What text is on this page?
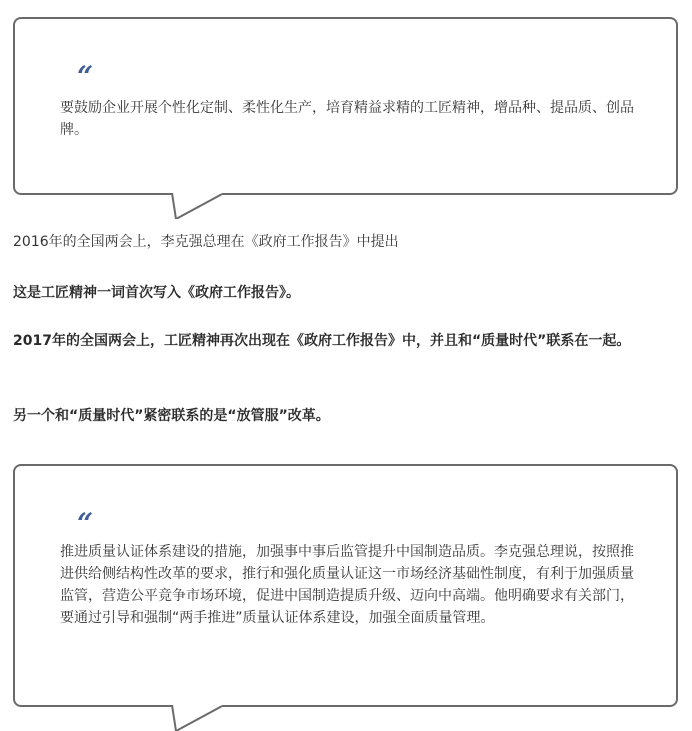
“

要鼓励企业开展个性化定制、柔性化生产，培育精益求精的工匠精神，增品种、提品质、创品牌。

2016年的全国两会上，李克强总理在《政府工作报告》中提出

这是工匠精神一词首次写入《政府工作报告》。

2017年的全国两会上，工匠精神再次出现在《政府工作报告》中，并且和“质量时代”联系在一起。

另一个和“质量时代”紧密联系的是“放管服”改革。

“

推进质量认证体系建设的措施，加强事中事后监管提升中国制造品质。李克强总理说，按照推进供给侧结构性改革的要求，推行和强化质量认证这一市场经济基础性制度，有利于加强质量监管，营造公平竞争市场环境，促进中国制造提质升级、迈向中高端。他明确要求有关部门，要通过引导和强制“两手推进”质量认证体系建设，加强全面质量管理。
